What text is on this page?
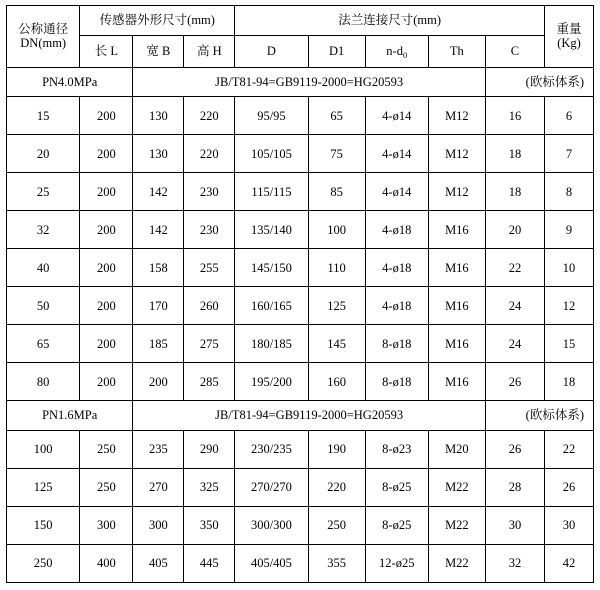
公称通径
DN(mm)	传感器外形尺寸(mm)			法兰连接尺寸(mm)					重量
(Kg)

	长 L	宽 B	高 H	D	D1	$n-d_0$	Th	C	
PN4.0MPa		JB/T81-94=GB9119-2000=HG20593						(欧标体系)	
15	200	130	220	95/95	65	4-ø14	M12	16	6
20	200	130	220	105/105	75	4-ø14	M12	18	7
25	200	142	230	115/115	85	4-ø14	M12	18	8
32	200	142	230	135/140	100	4-ø18	M16	20	9
40	200	158	255	145/150	110	4-ø18	M16	22	10
50	200	170	260	160/165	125	4-ø18	M16	24	12
65	200	185	275	180/185	145	8-ø18	M16	24	15
80	200	200	285	195/200	160	8-ø18	M16	26	18
PN1.6MPa		JB/T81-94=GB9119-2000=HG20593						(欧标体系)	
100	250	235	290	230/235	190	8-ø23	M20	26	22
125	250	270	325	270/270	220	8-ø25	M22	28	26
150	300	300	350	300/300	250	8-ø25	M22	30	30
250	400	405	445	405/405	355	12-ø25	M22	32	42
